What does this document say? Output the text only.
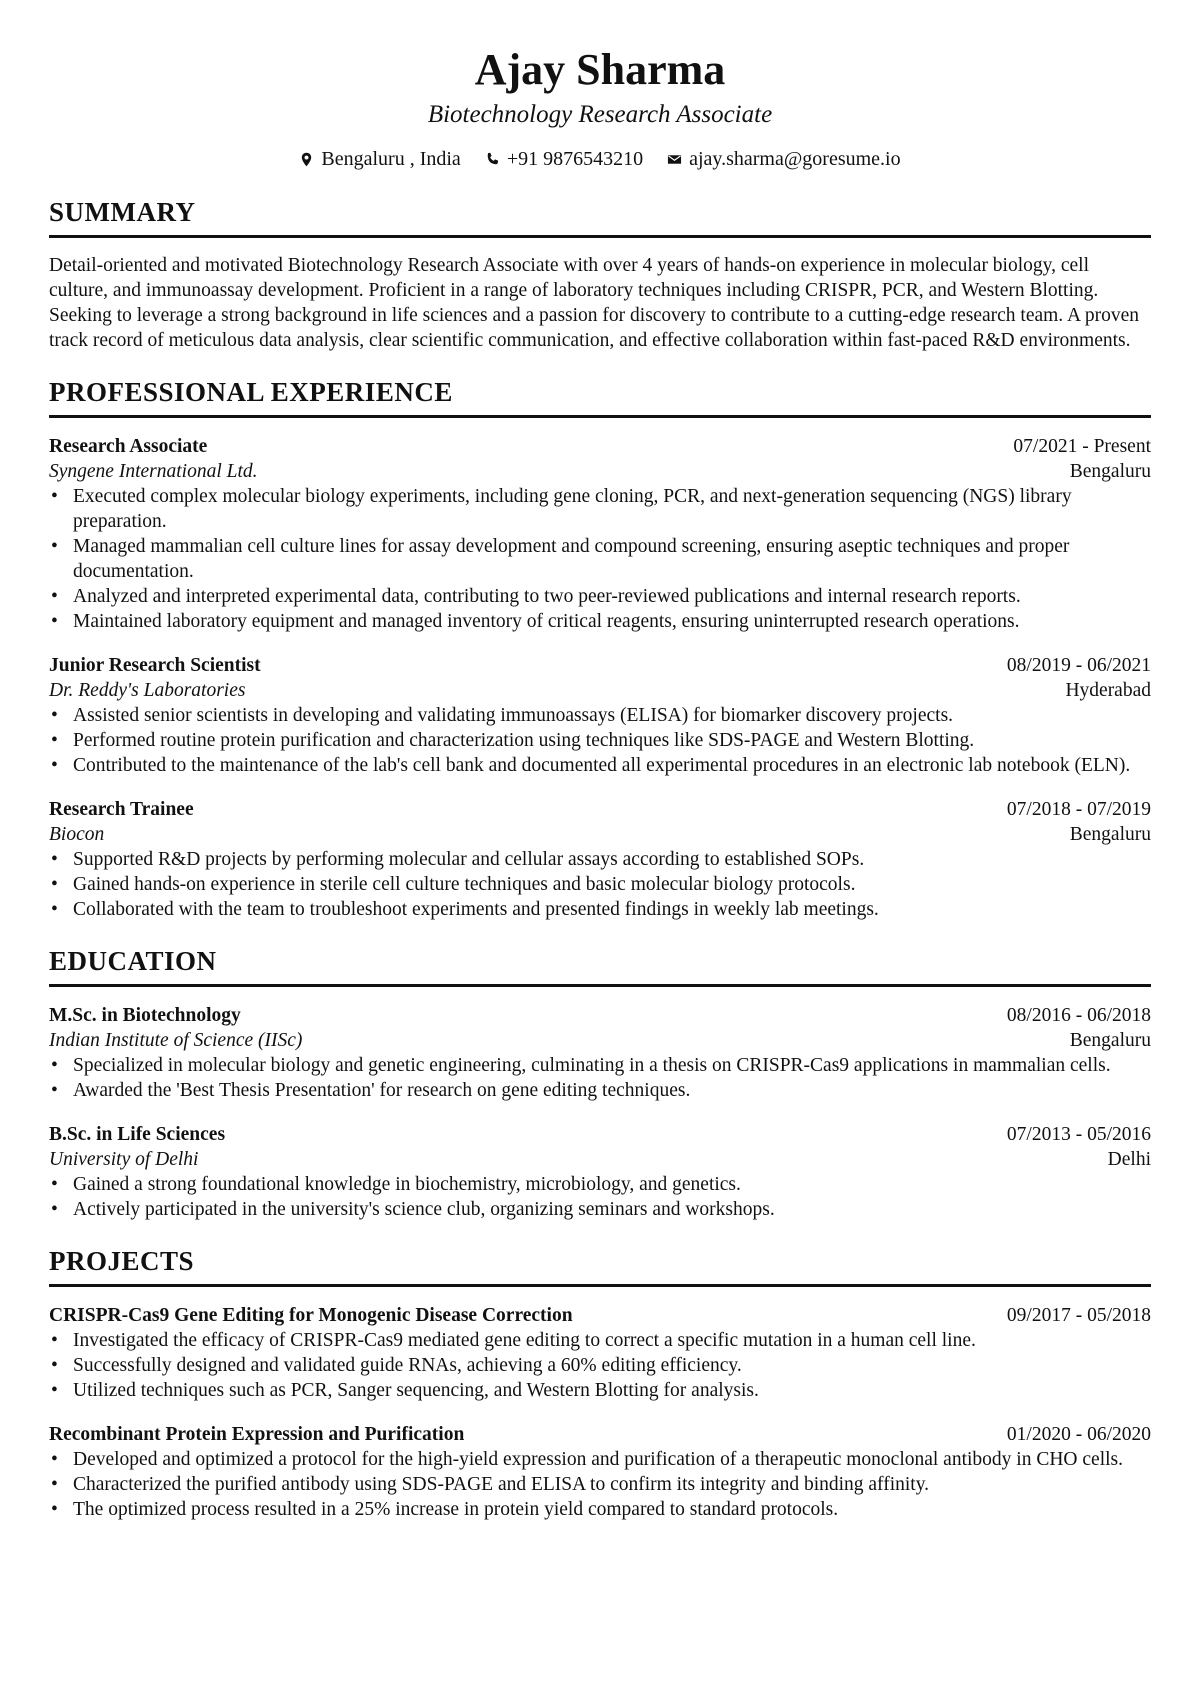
Ajay Sharma
Biotechnology Research Associate
Bengaluru , India +91 9876543210 ajay.sharma@goresume.io
SUMMARY
Detail-oriented and motivated Biotechnology Research Associate with over 4 years of hands-on experience in molecular biology, cell culture, and immunoassay development. Proficient in a range of laboratory techniques including CRISPR, PCR, and Western Blotting. Seeking to leverage a strong background in life sciences and a passion for discovery to contribute to a cutting-edge research team. A proven track record of meticulous data analysis, clear scientific communication, and effective collaboration within fast-paced R&D environments.
PROFESSIONAL EXPERIENCE
Research Associate	07/2021 - Present
Syngene International Ltd.	Bengaluru
• Executed complex molecular biology experiments, including gene cloning, PCR, and next-generation sequencing (NGS) library preparation.
• Managed mammalian cell culture lines for assay development and compound screening, ensuring aseptic techniques and proper documentation.
• Analyzed and interpreted experimental data, contributing to two peer-reviewed publications and internal research reports.
• Maintained laboratory equipment and managed inventory of critical reagents, ensuring uninterrupted research operations.
Junior Research Scientist	08/2019 - 06/2021
Dr. Reddy's Laboratories	Hyderabad
• Assisted senior scientists in developing and validating immunoassays (ELISA) for biomarker discovery projects.
• Performed routine protein purification and characterization using techniques like SDS-PAGE and Western Blotting.
• Contributed to the maintenance of the lab's cell bank and documented all experimental procedures in an electronic lab notebook (ELN).
Research Trainee	07/2018 - 07/2019
Biocon	Bengaluru
• Supported R&D projects by performing molecular and cellular assays according to established SOPs.
• Gained hands-on experience in sterile cell culture techniques and basic molecular biology protocols.
• Collaborated with the team to troubleshoot experiments and presented findings in weekly lab meetings.
EDUCATION
M.Sc. in Biotechnology	08/2016 - 06/2018
Indian Institute of Science (IISc)	Bengaluru
• Specialized in molecular biology and genetic engineering, culminating in a thesis on CRISPR-Cas9 applications in mammalian cells.
• Awarded the 'Best Thesis Presentation' for research on gene editing techniques.
B.Sc. in Life Sciences	07/2013 - 05/2016
University of Delhi	Delhi
• Gained a strong foundational knowledge in biochemistry, microbiology, and genetics.
• Actively participated in the university's science club, organizing seminars and workshops.
PROJECTS
CRISPR-Cas9 Gene Editing for Monogenic Disease Correction	09/2017 - 05/2018
• Investigated the efficacy of CRISPR-Cas9 mediated gene editing to correct a specific mutation in a human cell line.
• Successfully designed and validated guide RNAs, achieving a 60% editing efficiency.
• Utilized techniques such as PCR, Sanger sequencing, and Western Blotting for analysis.
Recombinant Protein Expression and Purification	01/2020 - 06/2020
• Developed and optimized a protocol for the high-yield expression and purification of a therapeutic monoclonal antibody in CHO cells.
• Characterized the purified antibody using SDS-PAGE and ELISA to confirm its integrity and binding affinity.
• The optimized process resulted in a 25% increase in protein yield compared to standard protocols.
